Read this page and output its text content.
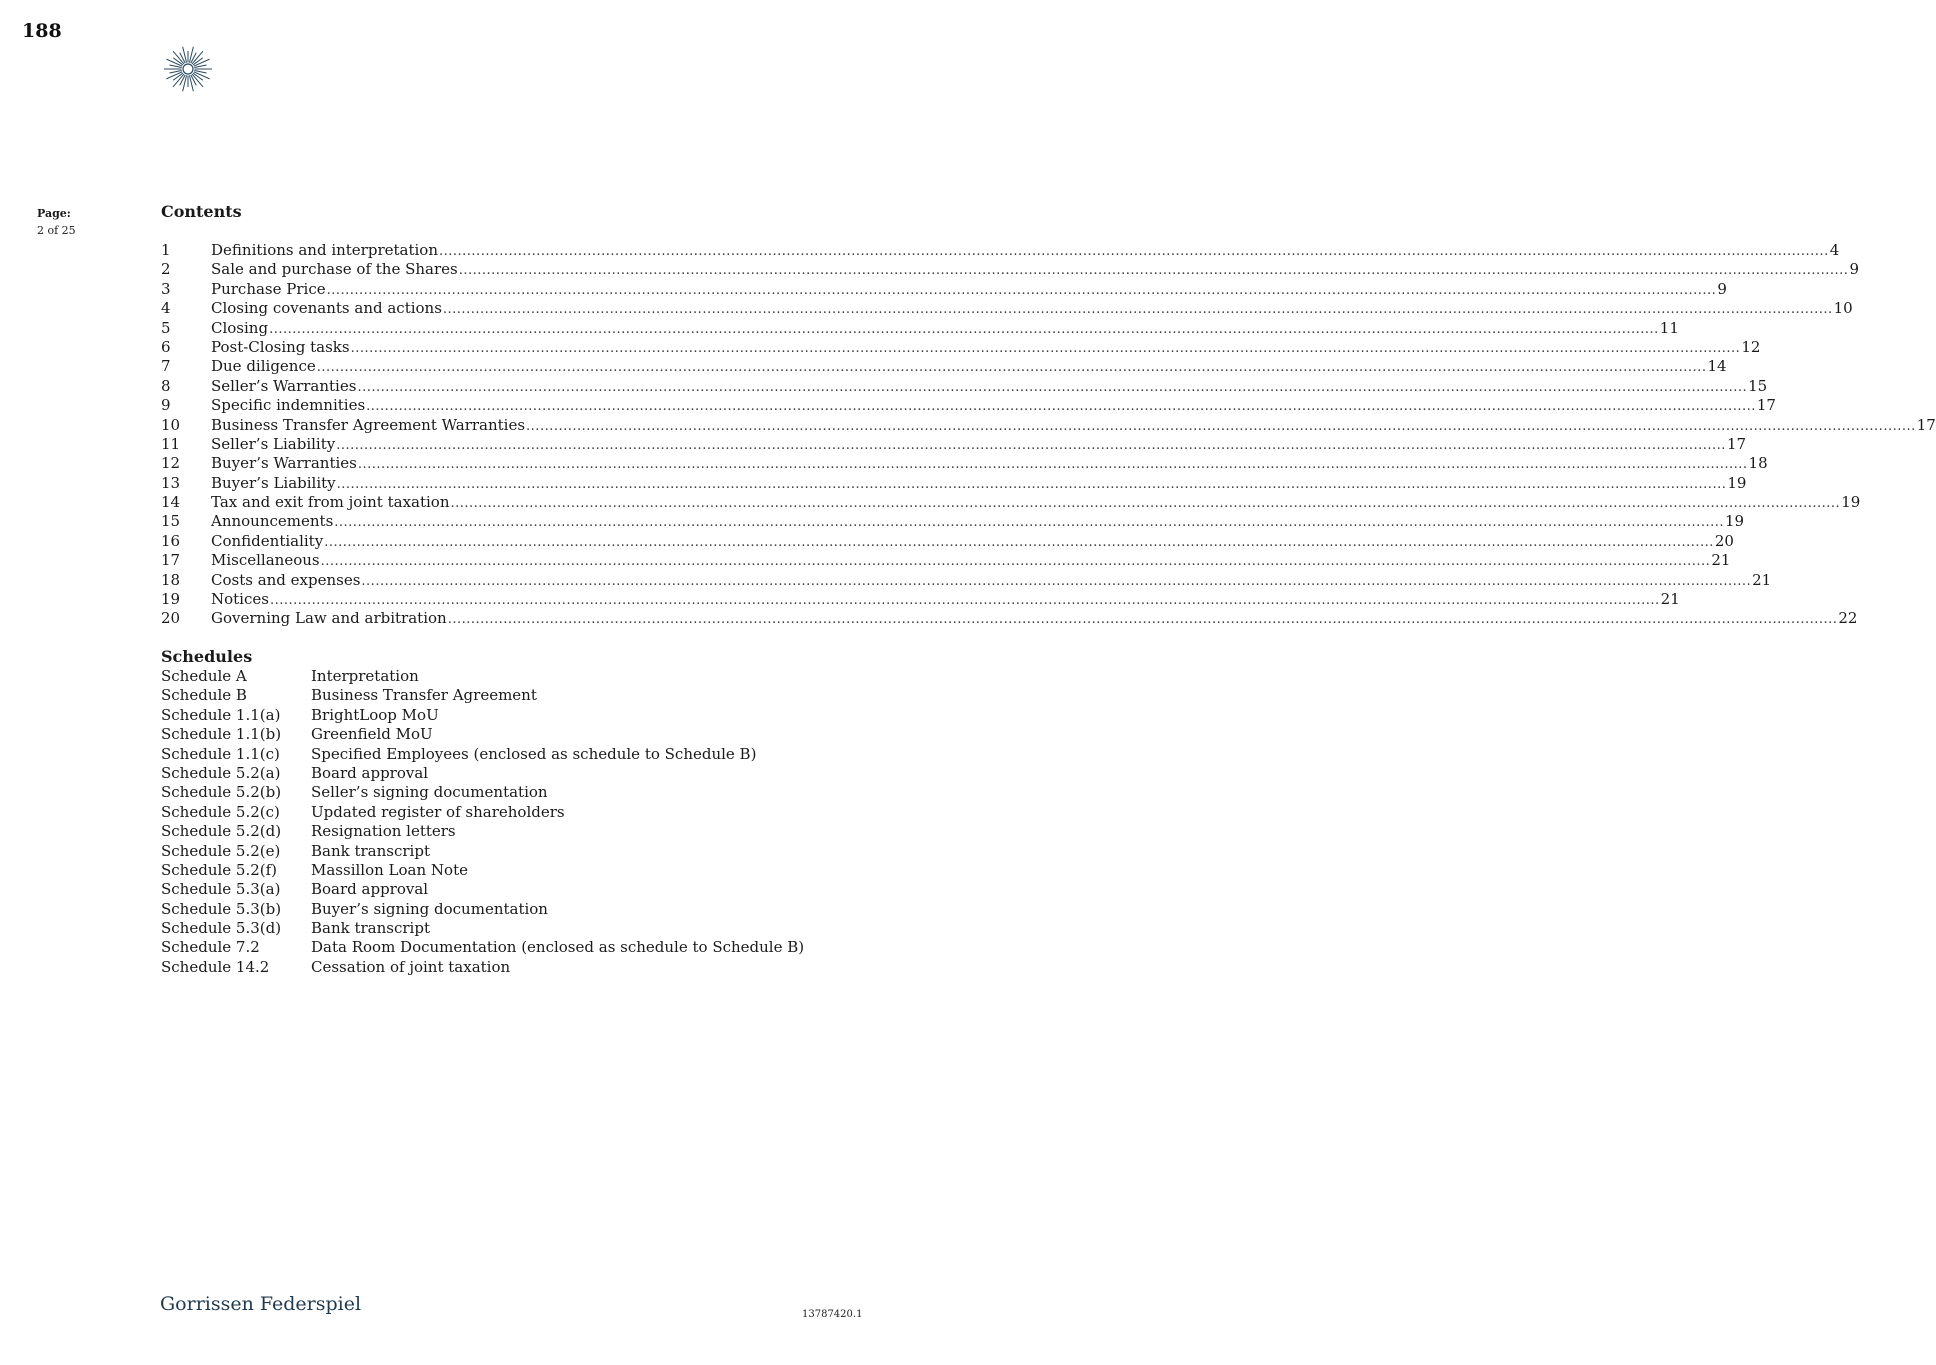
188
Page:
2 of 25
Contents
1	Definitions and interpretation ............................................................................................................................................................................................................................................................................................................ 4
2	Sale and purchase of the Shares ............................................................................................................................................................................................................................................................................................................ 9
3	Purchase Price ............................................................................................................................................................................................................................................................................................................ 9
4	Closing covenants and actions ............................................................................................................................................................................................................................................................................................................ 10
5	Closing ............................................................................................................................................................................................................................................................................................................ 11
6	Post-Closing tasks ............................................................................................................................................................................................................................................................................................................ 12
7	Due diligence ............................................................................................................................................................................................................................................................................................................ 14
8	Seller’s Warranties ............................................................................................................................................................................................................................................................................................................ 15
9	Specific indemnities ............................................................................................................................................................................................................................................................................................................ 17
10	Business Transfer Agreement Warranties ............................................................................................................................................................................................................................................................................................................ 17
11	Seller’s Liability ............................................................................................................................................................................................................................................................................................................ 17
12	Buyer’s Warranties ............................................................................................................................................................................................................................................................................................................ 18
13	Buyer’s Liability ............................................................................................................................................................................................................................................................................................................ 19
14	Tax and exit from joint taxation ............................................................................................................................................................................................................................................................................................................ 19
15	Announcements ............................................................................................................................................................................................................................................................................................................ 19
16	Confidentiality ............................................................................................................................................................................................................................................................................................................ 20
17	Miscellaneous ............................................................................................................................................................................................................................................................................................................ 21
18	Costs and expenses ............................................................................................................................................................................................................................................................................................................ 21
19	Notices ............................................................................................................................................................................................................................................................................................................ 21
20	Governing Law and arbitration ............................................................................................................................................................................................................................................................................................................ 22
Schedules
Schedule A	Interpretation
Schedule B	Business Transfer Agreement
Schedule 1.1(a)	BrightLoop MoU
Schedule 1.1(b)	Greenfield MoU
Schedule 1.1(c)	Specified Employees (enclosed as schedule to Schedule B)
Schedule 5.2(a)	Board approval
Schedule 5.2(b)	Seller’s signing documentation
Schedule 5.2(c)	Updated register of shareholders
Schedule 5.2(d)	Resignation letters
Schedule 5.2(e)	Bank transcript
Schedule 5.2(f)	Massillon Loan Note
Schedule 5.3(a)	Board approval
Schedule 5.3(b)	Buyer’s signing documentation
Schedule 5.3(d)	Bank transcript
Schedule 7.2	Data Room Documentation (enclosed as schedule to Schedule B)
Schedule 14.2	Cessation of joint taxation
Gorrissen Federspiel	13787420.1
